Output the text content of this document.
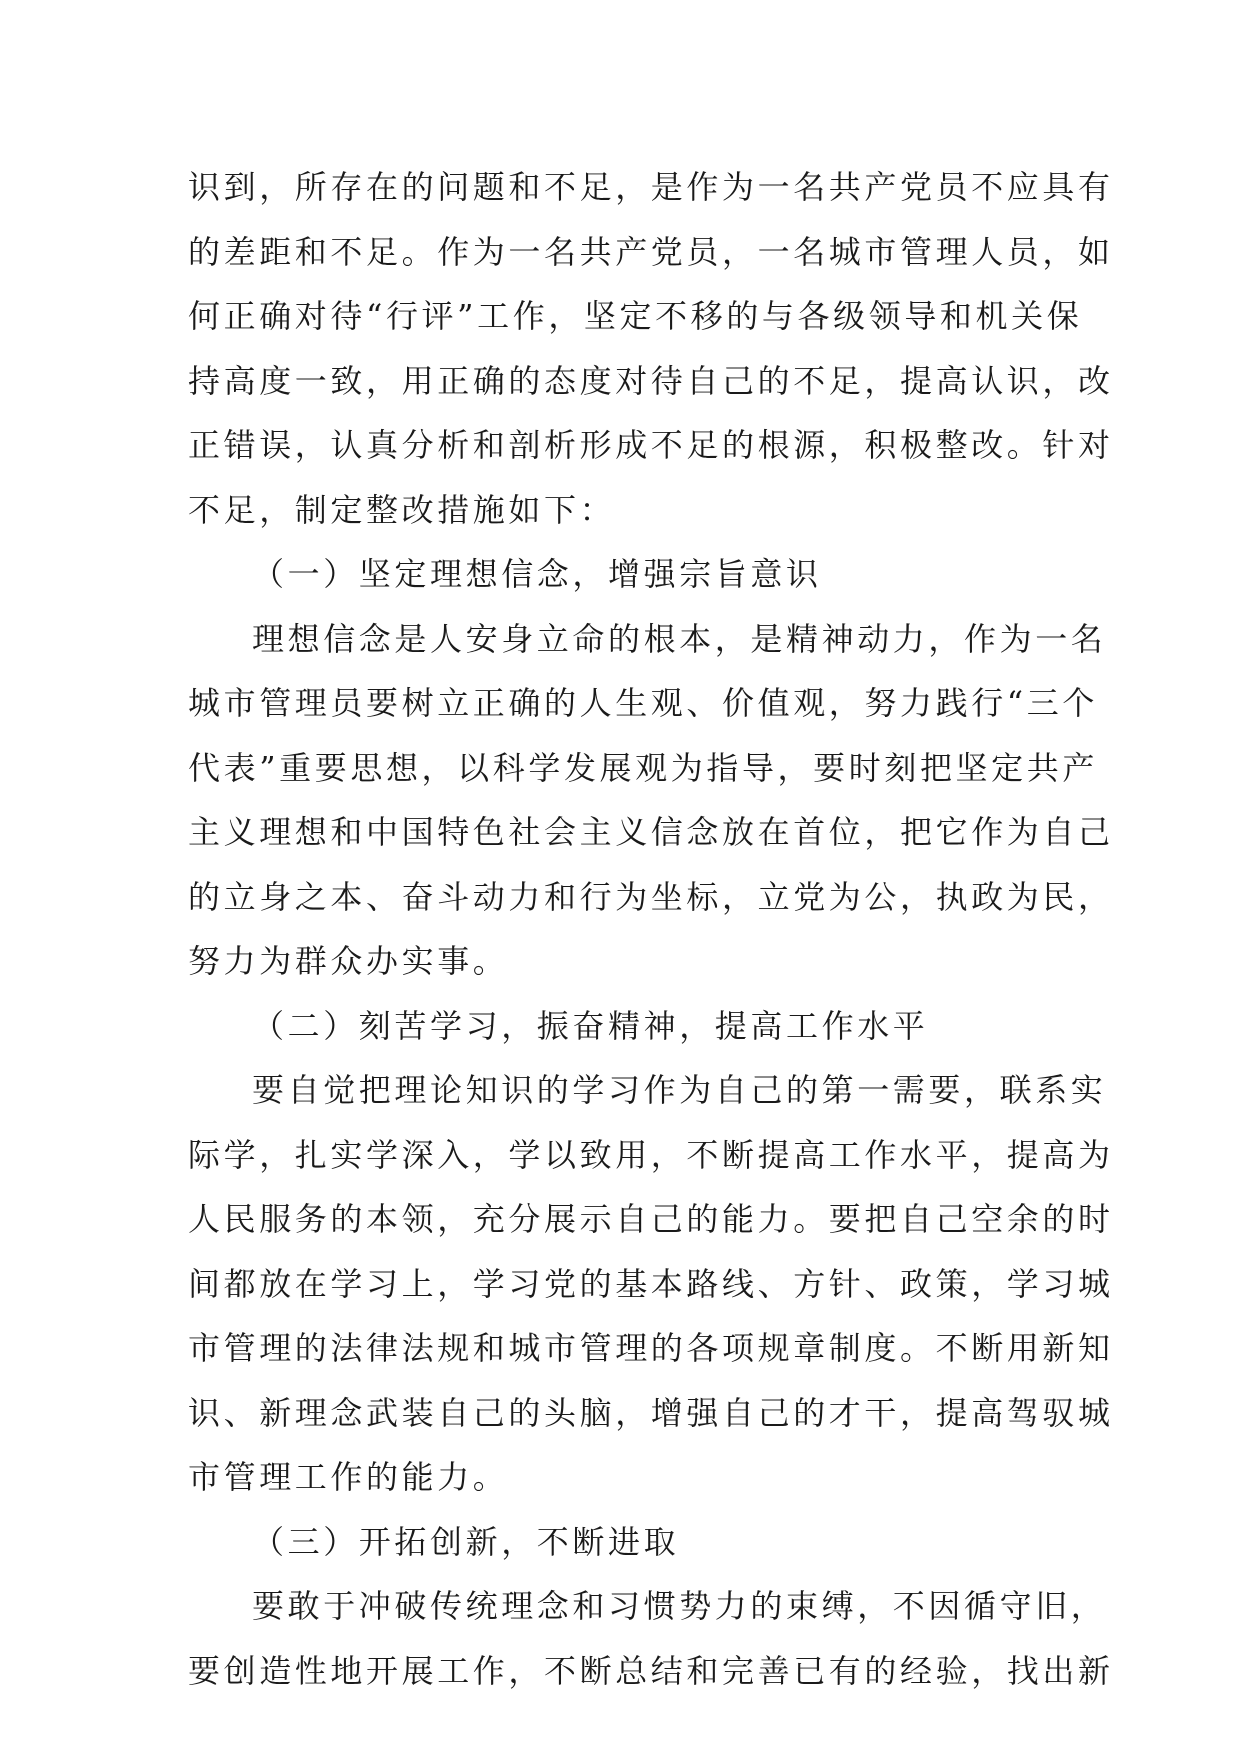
识到，所存在的问题和不足，是作为一名共产党员不应具有
的差距和不足。作为一名共产党员，一名城市管理人员，如
何正确对待“行评”工作，坚定不移的与各级领导和机关保
持高度一致，用正确的态度对待自己的不足，提高认识，改
正错误，认真分析和剖析形成不足的根源，积极整改。针对
不足，制定整改措施如下：
（一）坚定理想信念，增强宗旨意识
理想信念是人安身立命的根本，是精神动力，作为一名
城市管理员要树立正确的人生观、价值观，努力践行“三个
代表”重要思想，以科学发展观为指导，要时刻把坚定共产
主义理想和中国特色社会主义信念放在首位，把它作为自己
的立身之本、奋斗动力和行为坐标，立党为公，执政为民，
努力为群众办实事。
（二）刻苦学习，振奋精神，提高工作水平
要自觉把理论知识的学习作为自己的第一需要，联系实
际学，扎实学深入，学以致用，不断提高工作水平，提高为
人民服务的本领，充分展示自己的能力。要把自己空余的时
间都放在学习上，学习党的基本路线、方针、政策，学习城
市管理的法律法规和城市管理的各项规章制度。不断用新知
识、新理念武装自己的头脑，增强自己的才干，提高驾驭城
市管理工作的能力。
（三）开拓创新，不断进取
要敢于冲破传统理念和习惯势力的束缚，不因循守旧，
要创造性地开展工作，不断总结和完善已有的经验，找出新
